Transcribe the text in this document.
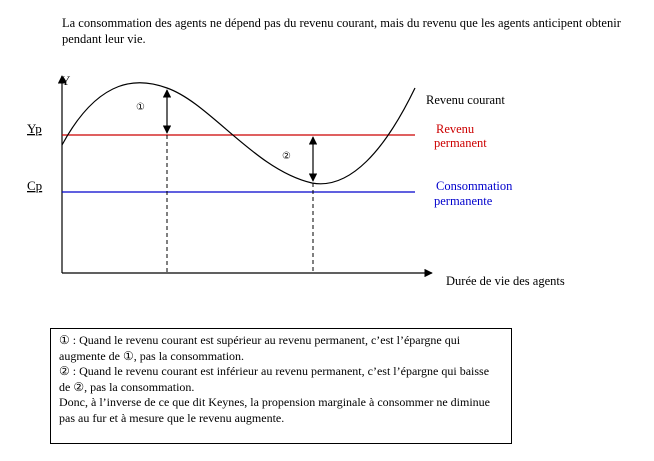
La consommation des agents ne dépend pas du revenu courant, mais du revenu que les agents anticipent obtenir pendant leur vie.
Y
Yp
Cp
①
②
Revenu courant
Revenu
permanent
Consommation
permanente
Durée de vie des agents

① : Quand le revenu courant est supérieur au revenu permanent, c’est l’épargne qui augmente de ①, pas la consommation.

② : Quand le revenu courant est inférieur au revenu permanent, c’est l’épargne qui baisse de ②, pas la consommation.

Donc, à l’inverse de ce que dit Keynes, la propension marginale à consommer ne diminue pas au fur et à mesure que le revenu augmente.
